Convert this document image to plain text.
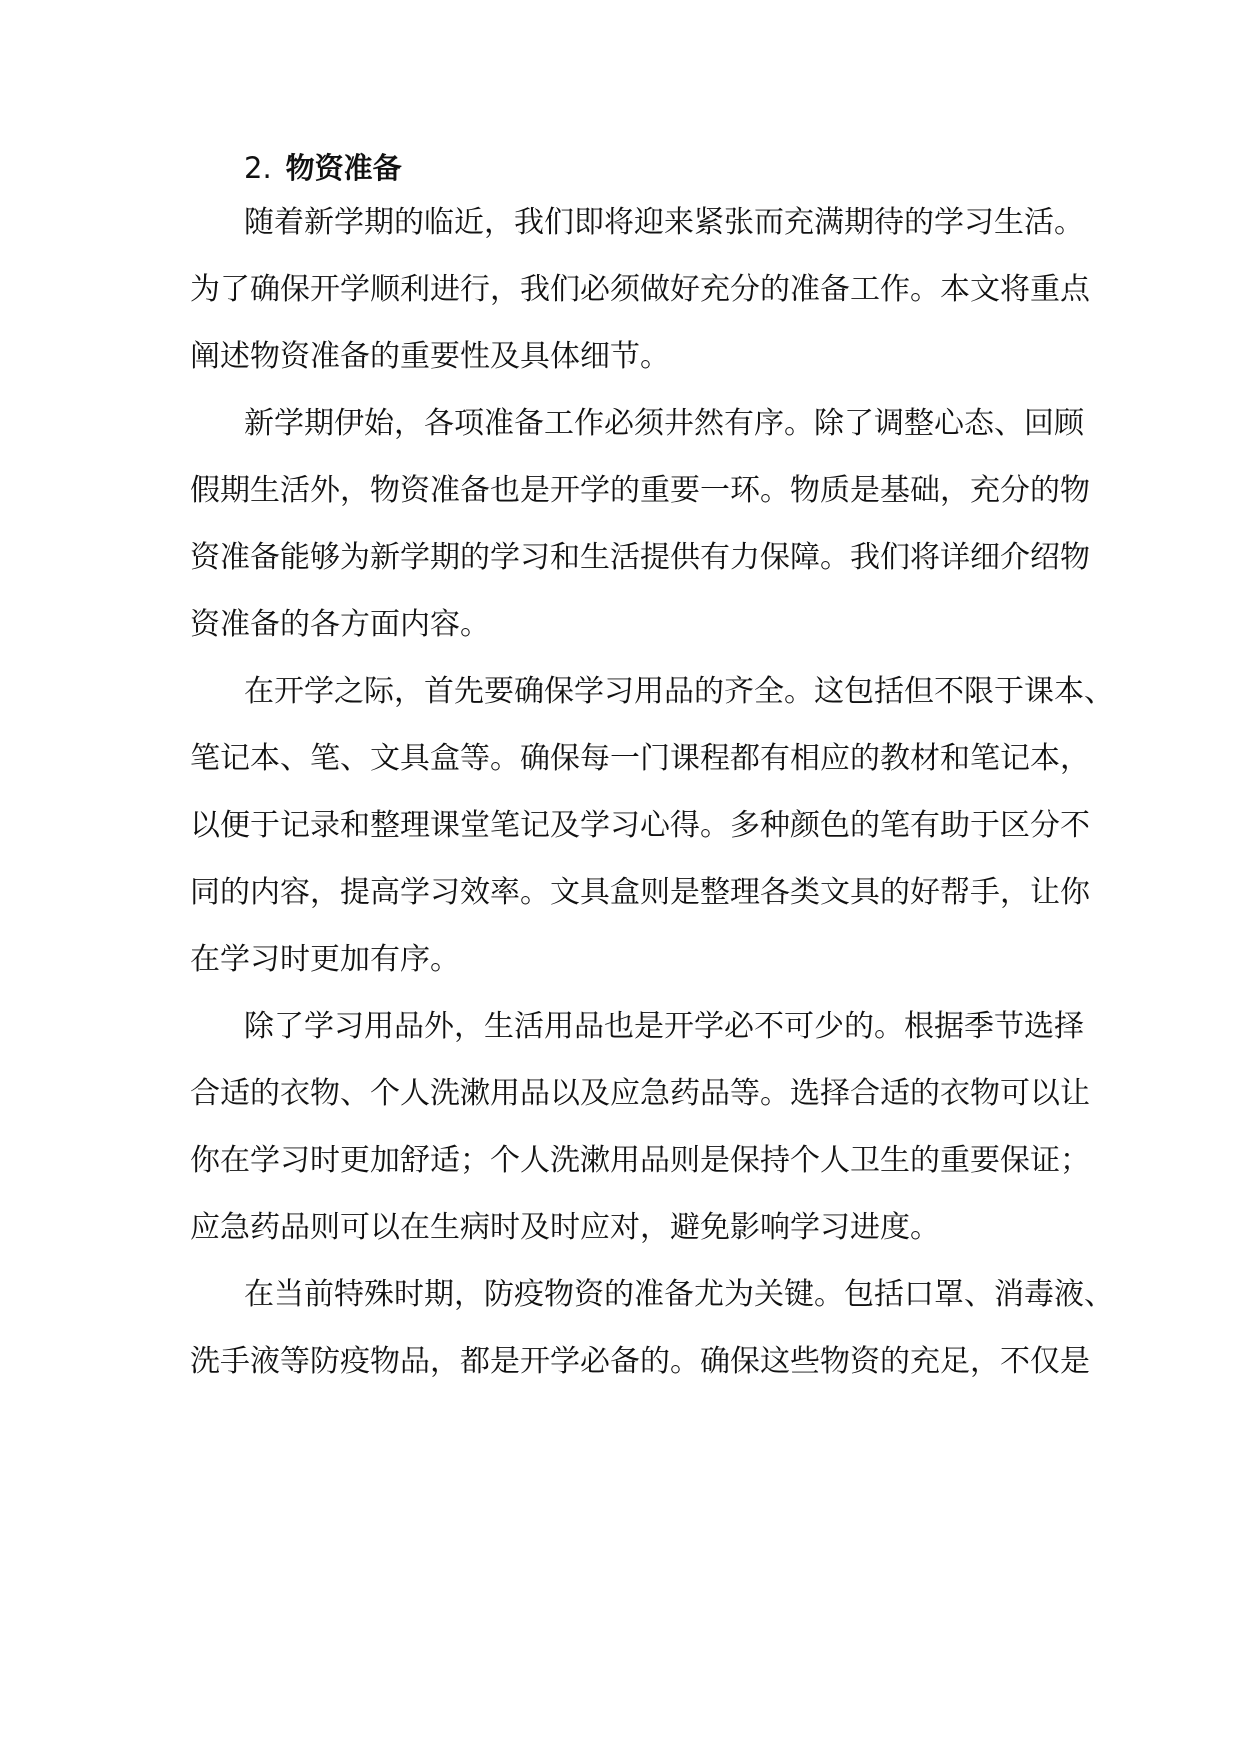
2. 物资准备
随着新学期的临近，我们即将迎来紧张而充满期待的学习生活。
为了确保开学顺利进行，我们必须做好充分的准备工作。本文将重点
阐述物资准备的重要性及具体细节。
新学期伊始，各项准备工作必须井然有序。除了调整心态、回顾
假期生活外，物资准备也是开学的重要一环。物质是基础，充分的物
资准备能够为新学期的学习和生活提供有力保障。我们将详细介绍物
资准备的各方面内容。
在开学之际，首先要确保学习用品的齐全。这包括但不限于课本、
笔记本、笔、文具盒等。确保每一门课程都有相应的教材和笔记本，
以便于记录和整理课堂笔记及学习心得。多种颜色的笔有助于区分不
同的内容，提高学习效率。文具盒则是整理各类文具的好帮手，让你
在学习时更加有序。
除了学习用品外，生活用品也是开学必不可少的。根据季节选择
合适的衣物、个人洗漱用品以及应急药品等。选择合适的衣物可以让
你在学习时更加舒适；个人洗漱用品则是保持个人卫生的重要保证；
应急药品则可以在生病时及时应对，避免影响学习进度。
在当前特殊时期，防疫物资的准备尤为关键。包括口罩、消毒液、
洗手液等防疫物品，都是开学必备的。确保这些物资的充足，不仅是
